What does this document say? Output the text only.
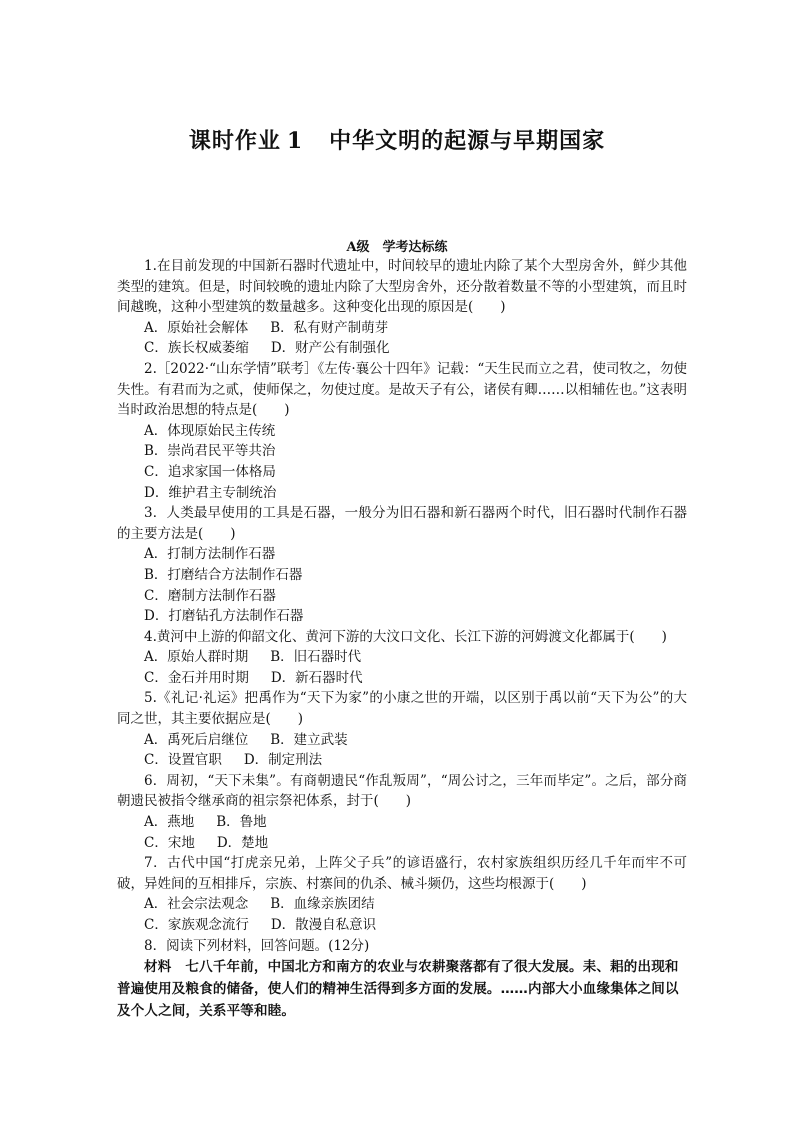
课时作业 1 中华文明的起源与早期国家
A级　学考达标练

1.在目前发现的中国新石器时代遗址中，时间较早的遗址内除了某个大型房舍外，鲜少其他类型的建筑。但是，时间较晚的遗址内除了大型房舍外，还分散着数量不等的小型建筑，而且时间越晚，这种小型建筑的数量越多。这种变化出现的原因是(　　)

A．原始社会解体 B．私有财产制萌芽

C．族长权威萎缩 D．财产公有制强化

2.［2022·“山东学情”联考］《左传·襄公十四年》记载：“天生民而立之君，使司牧之，勿使失性。有君而为之贰，使师保之，勿使过度。是故天子有公，诸侯有卿……以相辅佐也。”这表明当时政治思想的特点是(　　)

A．体现原始民主传统

B．崇尚君民平等共治

C．追求家国一体格局

D．维护君主专制统治

3．人类最早使用的工具是石器，一般分为旧石器和新石器两个时代，旧石器时代制作石器的主要方法是(　　)

A．打制方法制作石器

B．打磨结合方法制作石器

C．磨制方法制作石器

D．打磨钻孔方法制作石器

4.黄河中上游的仰韶文化、黄河下游的大汶口文化、长江下游的河姆渡文化都属于(　　)

A．原始人群时期 B．旧石器时代

C．金石并用时期 D．新石器时代

5.《礼记·礼运》把禹作为“天下为家”的小康之世的开端，以区别于禹以前“天下为公”的大同之世，其主要依据应是(　　)

A．禹死后启继位 B．建立武装

C．设置官职 D．制定刑法

6．周初，“天下未集”。有商朝遗民“作乱叛周”，“周公讨之，三年而毕定”。之后，部分商朝遗民被指令继承商的祖宗祭祀体系，封于(　　)

A．燕地 B．鲁地

C．宋地 D．楚地

7．古代中国“打虎亲兄弟，上阵父子兵”的谚语盛行，农村家族组织历经几千年而牢不可破，异姓间的互相排斥，宗族、村寨间的仇杀、械斗频仍，这些均根源于(　　)

A．社会宗法观念 B．血缘亲族团结

C．家族观念流行 D．散漫自私意识

8．阅读下列材料，回答问题。(12分)

材料 七八千年前，中国北方和南方的农业与农耕聚落都有了很大发展。耒、耜的出现和普遍使用及粮食的储备，使人们的精神生活得到多方面的发展。……内部大小血缘集体之间以及个人之间，关系平等和睦。
